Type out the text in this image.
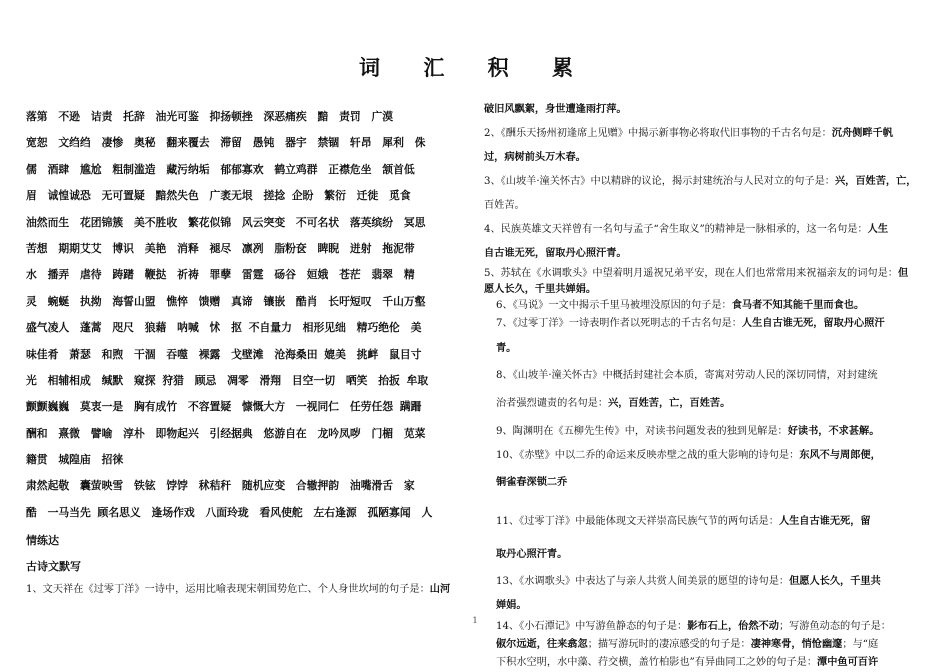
词 汇 积 累
落第　不逊　诘责　托辞　油光可鉴　抑扬顿挫　深恶痛疾　黯　责罚　广漠
宽恕　文绉绉　凄惨　奥秘　翻来覆去　滞留　愚钝　器宇　禁锢　轩昂　犀利　侏
儒　酒肆　尴尬　粗制滥造　藏污纳垢　郁郁寡欢　鹤立鸡群　正襟危坐　颔首低
眉　诚惶诚恐　无可置疑　黯然失色　广袤无垠　搓捻 企盼　繁衍　迁徙　觅食
油然而生　花团锦簇　美不胜收　繁花似锦　风云突变　不可名状　落英缤纷　冥思
苦想　期期艾艾　博识　美艳　消释　褪尽　凛冽　脂粉奁　睥睨　迸射　拖泥带
水　播弄　虐待　踌躇　鞭挞　祈祷　罪孽　雷霆　砀谷　姮娥　苍茫　翡翠　精
灵　蜿蜒　执拗　海誓山盟　憔悴　馈赠　真谛　镶嵌　酷肖　长吁短叹　千山万壑
盛气凌人　蓬蒿　咫尺　狼藉　呐喊　怵　抠 不自量力　相形见绌　精巧绝伦　美
味佳肴　萧瑟　和煦　干涸　吞噬　裸露　戈壁滩　沧海桑田 媲美　挑衅　鼠目寸
光　相辅相成　缄默　窥探 狩猎　顾忌　凋零　滑翔　目空一切　哂笑　抬扳 牟取
颤颤巍巍　莫衷一是　胸有成竹　不容置疑　慷慨大方　一视同仁　任劳任怨 蹒跚
酬和　熹微　譬喻　淳朴　即物起兴　引经据典　悠游自在　龙吟凤哕　门楣　苋菜
籍贯　城隍庙　招徕
肃然起敬　囊萤映雪　铁铉　饽饽　秫秸秆　随机应变　合辙押韵　油嘴滑舌　家
酷　一马当先 顾名思义　逢场作戏　八面玲珑　看风使舵　左右逢源　孤陋寡闻　人
情练达
古诗文默写
1、文天祥在《过零丁洋》一诗中，运用比喻表现宋朝国势危亡、个人身世坎坷的句子是：山河
破旧风飘絮，身世遭逢雨打萍。
2、《酬乐天扬州初逢席上见赠》中揭示新事物必将取代旧事物的千古名句是：沉舟侧畔千帆
过，病树前头万木春。
3、《山坡羊·潼关怀古》中以精辟的议论，揭示封建统治与人民对立的句子是：兴，百姓苦，亡，
百姓苦。
4、民族英雄文天祥曾有一名句与孟子“舍生取义”的精神是一脉相承的，这一名句是：人生
自古谁无死，留取丹心照汗青。
5、苏轼在《水调歌头》中望着明月遥祝兄弟平安，现在人们也常常用来祝福亲友的词句是：但
愿人长久，千里共婵娟。
6、《马说》一文中揭示千里马被埋没原因的句子是：食马者不知其能千里而食也。
7、《过零丁洋》一诗表明作者以死明志的千古名句是：人生自古谁无死，留取丹心照汗
青。
8、《山坡羊·潼关怀古》中概括封建社会本质，寄寓对劳动人民的深切同情，对封建统
治者强烈谴责的名句是：兴，百姓苦，亡，百姓苦。
9、陶渊明在《五柳先生传》中，对读书问题发表的独到见解是：好读书，不求甚解。
10、《赤壁》中以二乔的命运来反映赤壁之战的重大影响的诗句是：东风不与周郎便，
铜雀春深锁二乔
11、《过零丁洋》中最能体现文天祥崇高民族气节的两句话是：人生自古谁无死，留
取丹心照汗青。
13、《水调歌头》中表达了与亲人共赏人间美景的愿望的诗句是：但愿人长久，千里共
婵娟。
14、《小石潭记》中写游鱼静态的句子是：影布石上，佁然不动；写游鱼动态的句子是：
俶尔远逝，往来翕忽；描写游玩时的凄凉感受的句子是：凄神寒骨，悄怆幽邃；与“庭
下积水空明，水中藻、荇交横，盖竹柏影也”有异曲同工之妙的句子是：潭中鱼可百许
1
